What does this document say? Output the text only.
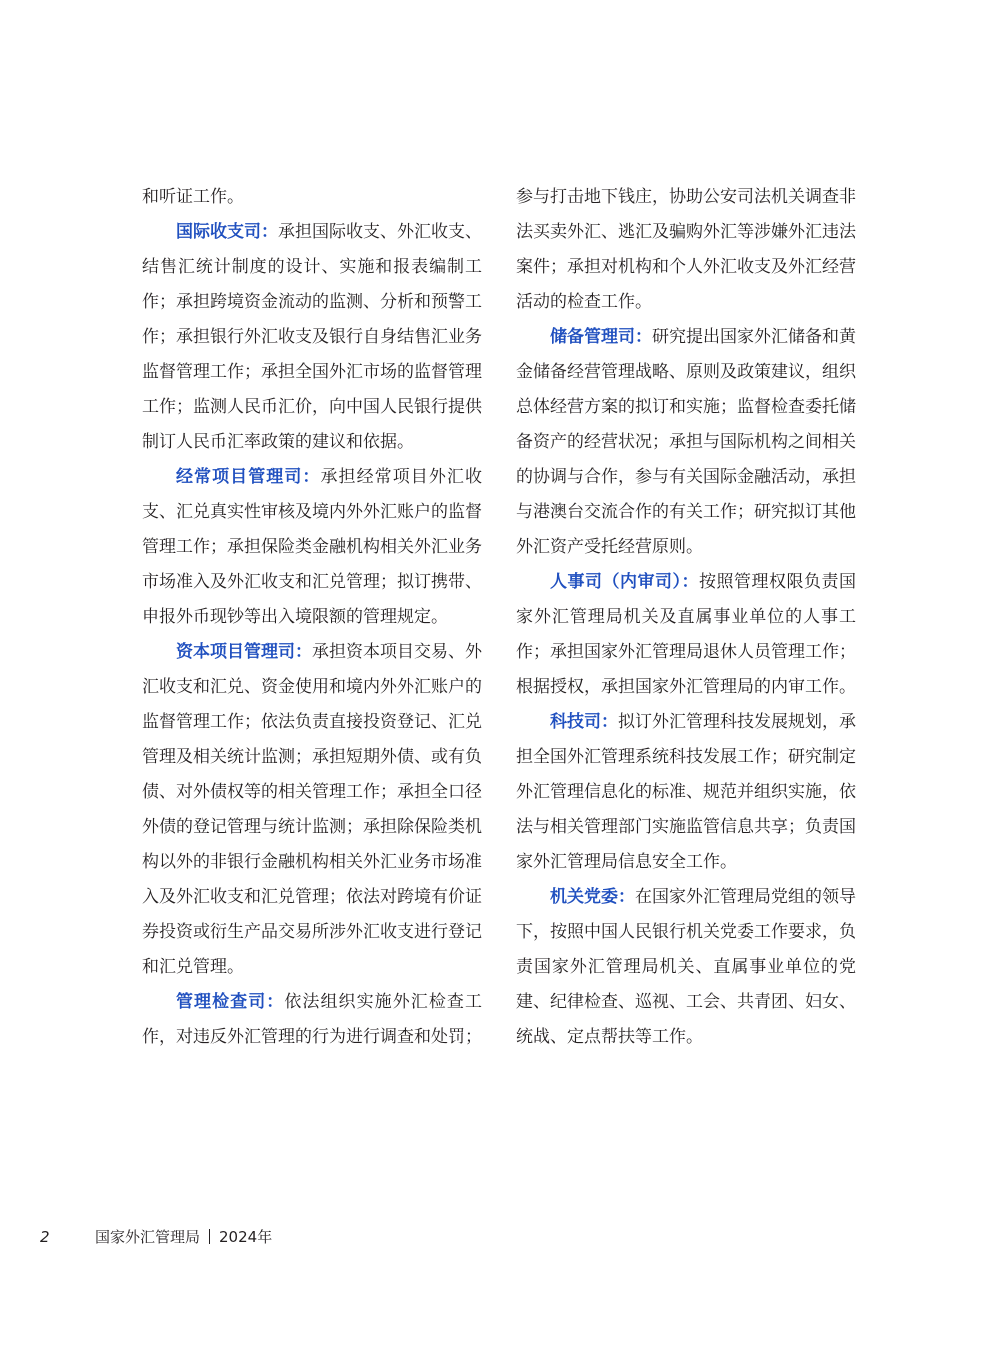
和听证工作。

国际收支司：承担国际收支、外汇收支、结售汇统计制度的设计、实施和报表编制工作；承担跨境资金流动的监测、分析和预警工作；承担银行外汇收支及银行自身结售汇业务监督管理工作；承担全国外汇市场的监督管理工作；监测人民币汇价，向中国人民银行提供制订人民币汇率政策的建议和依据。

经常项目管理司：承担经常项目外汇收支、汇兑真实性审核及境内外外汇账户的监督管理工作；承担保险类金融机构相关外汇业务市场准入及外汇收支和汇兑管理；拟订携带、申报外币现钞等出入境限额的管理规定。

资本项目管理司：承担资本项目交易、外汇收支和汇兑、资金使用和境内外外汇账户的监督管理工作；依法负责直接投资登记、汇兑管理及相关统计监测；承担短期外债、或有负债、对外债权等的相关管理工作；承担全口径外债的登记管理与统计监测；承担除保险类机构以外的非银行金融机构相关外汇业务市场准入及外汇收支和汇兑管理；依法对跨境有价证券投资或衍生产品交易所涉外汇收支进行登记和汇兑管理。

管理检查司：依法组织实施外汇检查工作，对违反外汇管理的行为进行调查和处罚；

参与打击地下钱庄，协助公安司法机关调查非法买卖外汇、逃汇及骗购外汇等涉嫌外汇违法案件；承担对机构和个人外汇收支及外汇经营活动的检查工作。

储备管理司：研究提出国家外汇储备和黄金储备经营管理战略、原则及政策建议，组织总体经营方案的拟订和实施；监督检查委托储备资产的经营状况；承担与国际机构之间相关的协调与合作，参与有关国际金融活动，承担与港澳台交流合作的有关工作；研究拟订其他外汇资产受托经营原则。

人事司（内审司）：按照管理权限负责国家外汇管理局机关及直属事业单位的人事工作；承担国家外汇管理局退休人员管理工作；根据授权，承担国家外汇管理局的内审工作。

科技司：拟订外汇管理科技发展规划，承担全国外汇管理系统科技发展工作；研究制定外汇管理信息化的标准、规范并组织实施，依法与相关管理部门实施监管信息共享；负责国家外汇管理局信息安全工作。

机关党委：在国家外汇管理局党组的领导下，按照中国人民银行机关党委工作要求，负责国家外汇管理局机关、直属事业单位的党建、纪律检查、巡视、工会、共青团、妇女、统战、定点帮扶等工作。

2	国家外汇管理局 2024年
